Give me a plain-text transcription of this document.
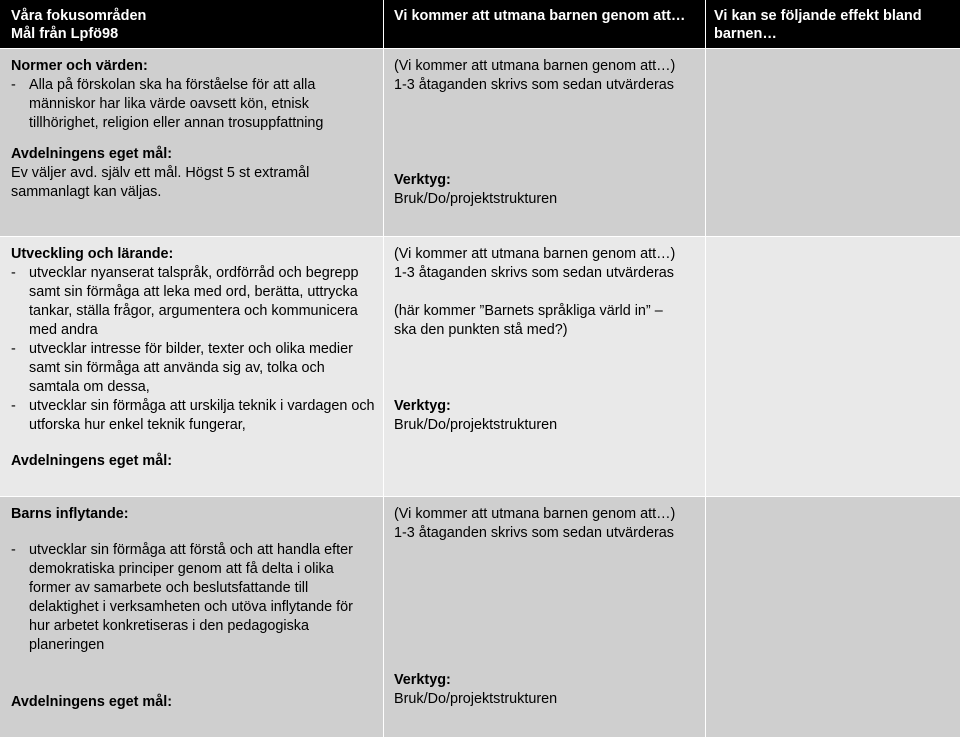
Våra fokusområden
Mål från Lpfö98
Vi kommer att utmana barnen genom att…	Vi kan se följande effekt bland
barnen…
Normer och värden:
- Alla på förskolan ska ha förståelse för att alla människor har lika värde oavsett kön, etnisk tillhörighet, religion eller annan trosuppfattning
Avdelningens eget mål:
Ev väljer avd. själv ett mål. Högst 5 st extramål
sammanlagt kan väljas.
(Vi kommer att utmana barnen genom att…)
1-3 åtaganden skrivs som sedan utvärderas
Verktyg:
Bruk/Do/projektstrukturen
Utveckling och lärande:
- utvecklar nyanserat talspråk, ordförråd och begrepp samt sin förmåga att leka med ord, berätta, uttrycka tankar, ställa frågor, argumentera och kommunicera med andra
- utvecklar intresse för bilder, texter och olika medier samt sin förmåga att använda sig av, tolka och samtala om dessa,
- utvecklar sin förmåga att urskilja teknik i vardagen och utforska hur enkel teknik fungerar,
Avdelningens eget mål:
(Vi kommer att utmana barnen genom att…)
1-3 åtaganden skrivs som sedan utvärderas
(här kommer ”Barnets språkliga värld in” –
ska den punkten stå med?)
Verktyg:
Bruk/Do/projektstrukturen
Barns inflytande:
- utvecklar sin förmåga att förstå och att handla efter demokratiska principer genom att få delta i olika former av samarbete och beslutsfattande till delaktighet i verksamheten och utöva inflytande för hur arbetet konkretiseras i den pedagogiska planeringen
Avdelningens eget mål:
(Vi kommer att utmana barnen genom att…)
1-3 åtaganden skrivs som sedan utvärderas
Verktyg:
Bruk/Do/projektstrukturen
